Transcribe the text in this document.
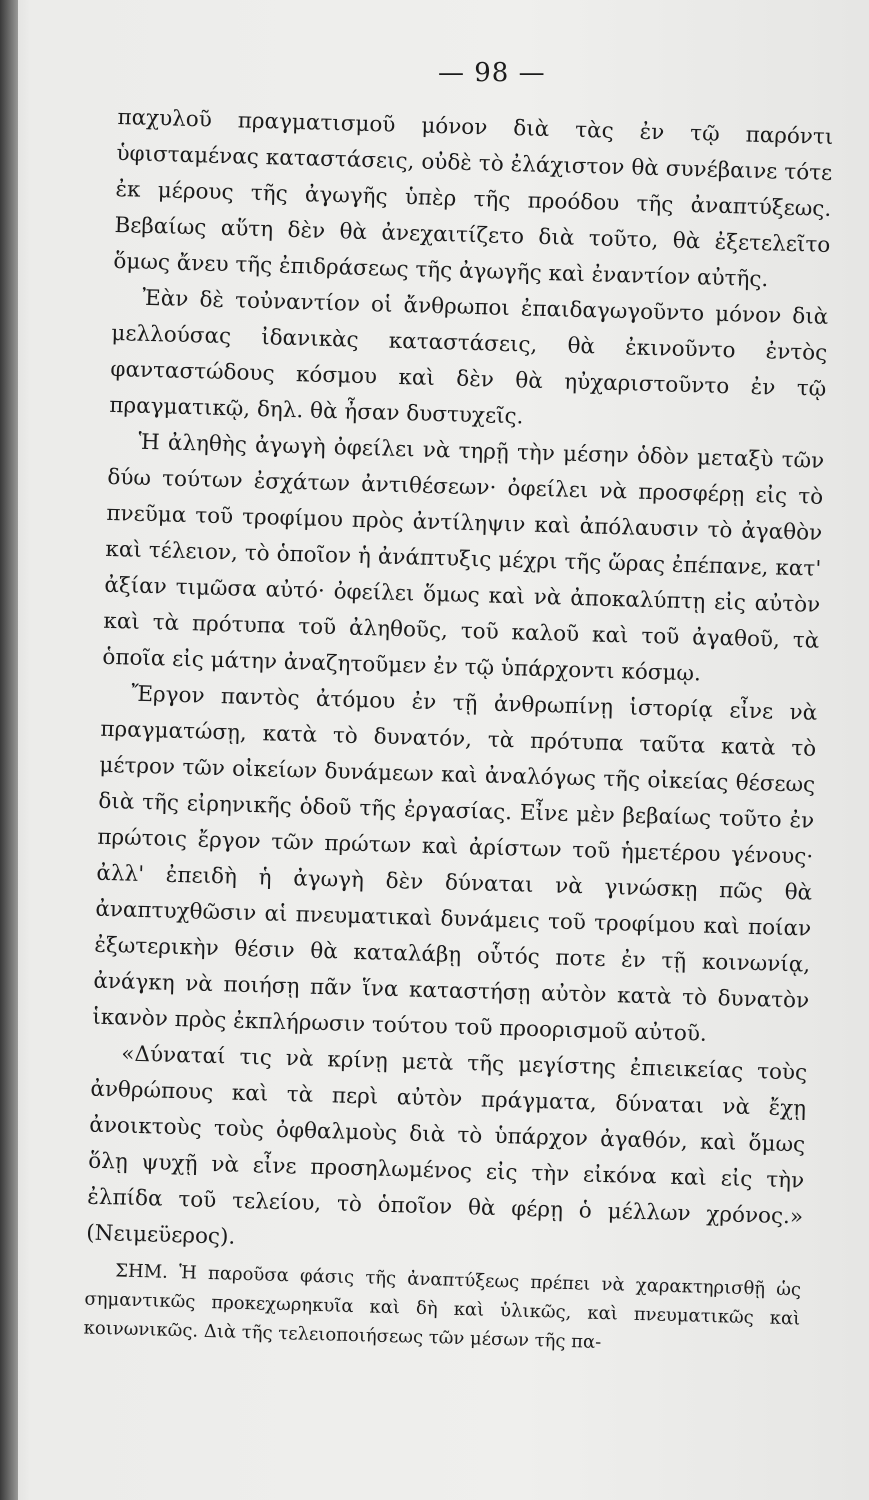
— 98 —

παχυλοῦ πραγματισμοῦ μόνον διὰ τὰς ἐν τῷ παρόντι ὑφισταμένας καταστάσεις, οὐδὲ τὸ ἐλάχιστον θὰ συνέβαινε τότε ἐκ μέρους τῆς ἀγωγῆς ὑπὲρ τῆς προόδου τῆς ἀναπτύξεως. Βεβαίως αὕτη δὲν θὰ ἀνεχαιτίζετο διὰ τοῦτο, θὰ ἐξετελεῖτο ὅμως ἄνευ τῆς ἐπιδράσεως τῆς ἀγωγῆς καὶ ἐναντίον αὐτῆς.

Ἐὰν δὲ τοὐναντίον οἱ ἄνθρωποι ἐπαιδαγωγοῦντο μόνον διὰ μελλούσας ἰδανικὰς καταστάσεις, θὰ ἐκινοῦντο ἐντὸς φανταστώδους κόσμου καὶ δὲν θὰ ηὐχαριστοῦντο ἐν τῷ πραγματικῷ, δηλ. θὰ ἦσαν δυστυχεῖς.

Ἡ ἀληθὴς ἀγωγὴ ὀφείλει νὰ τηρῇ τὴν μέσην ὁδὸν μεταξὺ τῶν δύω τούτων ἐσχάτων ἀντιθέσεων· ὀφείλει νὰ προσφέρῃ εἰς τὸ πνεῦμα τοῦ τροφίμου πρὸς ἀντίληψιν καὶ ἀπόλαυσιν τὸ ἀγαθὸν καὶ τέλειον, τὸ ὁποῖον ἡ ἀνάπτυξις μέχρι τῆς ὥρας ἐπέπανε, κατ' ἀξίαν τιμῶσα αὐτό· ὀφείλει ὅμως καὶ νὰ ἀποκαλύπτῃ εἰς αὐτὸν καὶ τὰ πρότυπα τοῦ ἀληθοῦς, τοῦ καλοῦ καὶ τοῦ ἀγαθοῦ, τὰ ὁποῖα εἰς μάτην ἀναζητοῦμεν ἐν τῷ ὑπάρχοντι κόσμῳ.

Ἔργον παντὸς ἀτόμου ἐν τῇ ἀνθρωπίνῃ ἱστορίᾳ εἶνε νὰ πραγματώσῃ, κατὰ τὸ δυνατόν, τὰ πρότυπα ταῦτα κατὰ τὸ μέτρον τῶν οἰκείων δυνάμεων καὶ ἀναλόγως τῆς οἰκείας θέσεως διὰ τῆς εἰρηνικῆς ὁδοῦ τῆς ἐργασίας. Εἶνε μὲν βεβαίως τοῦτο ἐν πρώτοις ἔργον τῶν πρώτων καὶ ἀρίστων τοῦ ἡμετέρου γένους· ἀλλ' ἐπειδὴ ἡ ἀγωγὴ δὲν δύναται νὰ γινώσκῃ πῶς θὰ ἀναπτυχθῶσιν αἱ πνευματικαὶ δυνάμεις τοῦ τροφίμου καὶ ποίαν ἐξωτερικὴν θέσιν θὰ καταλάβῃ οὗτός ποτε ἐν τῇ κοινωνίᾳ, ἀνάγκη νὰ ποιήσῃ πᾶν ἵνα καταστήσῃ αὐτὸν κατὰ τὸ δυνατὸν ἱκανὸν πρὸς ἐκπλήρωσιν τούτου τοῦ προορισμοῦ αὐτοῦ.

«Δύναταί τις νὰ κρίνῃ μετὰ τῆς μεγίστης ἐπιεικείας τοὺς ἀνθρώπους καὶ τὰ περὶ αὐτὸν πράγματα, δύναται νὰ ἔχῃ ἀνοικτοὺς τοὺς ὀφθαλμοὺς διὰ τὸ ὑπάρχον ἀγαθόν, καὶ ὅμως ὅλῃ ψυχῇ νὰ εἶνε προσηλωμένος εἰς τὴν εἰκόνα καὶ εἰς τὴν ἐλπίδα τοῦ τελείου, τὸ ὁποῖον θὰ φέρῃ ὁ μέλλων χρόνος.» (Νειμεϋερος).

ΣΗΜ. Ἡ παροῦσα φάσις τῆς ἀναπτύξεως πρέπει νὰ χαρακτηρισθῇ ὡς σημαντικῶς προκεχωρηκυῖα καὶ δὴ καὶ ὑλικῶς, καὶ πνευματικῶς καὶ κοινωνικῶς. Διὰ τῆς τελειοποιήσεως τῶν μέσων τῆς πα-
